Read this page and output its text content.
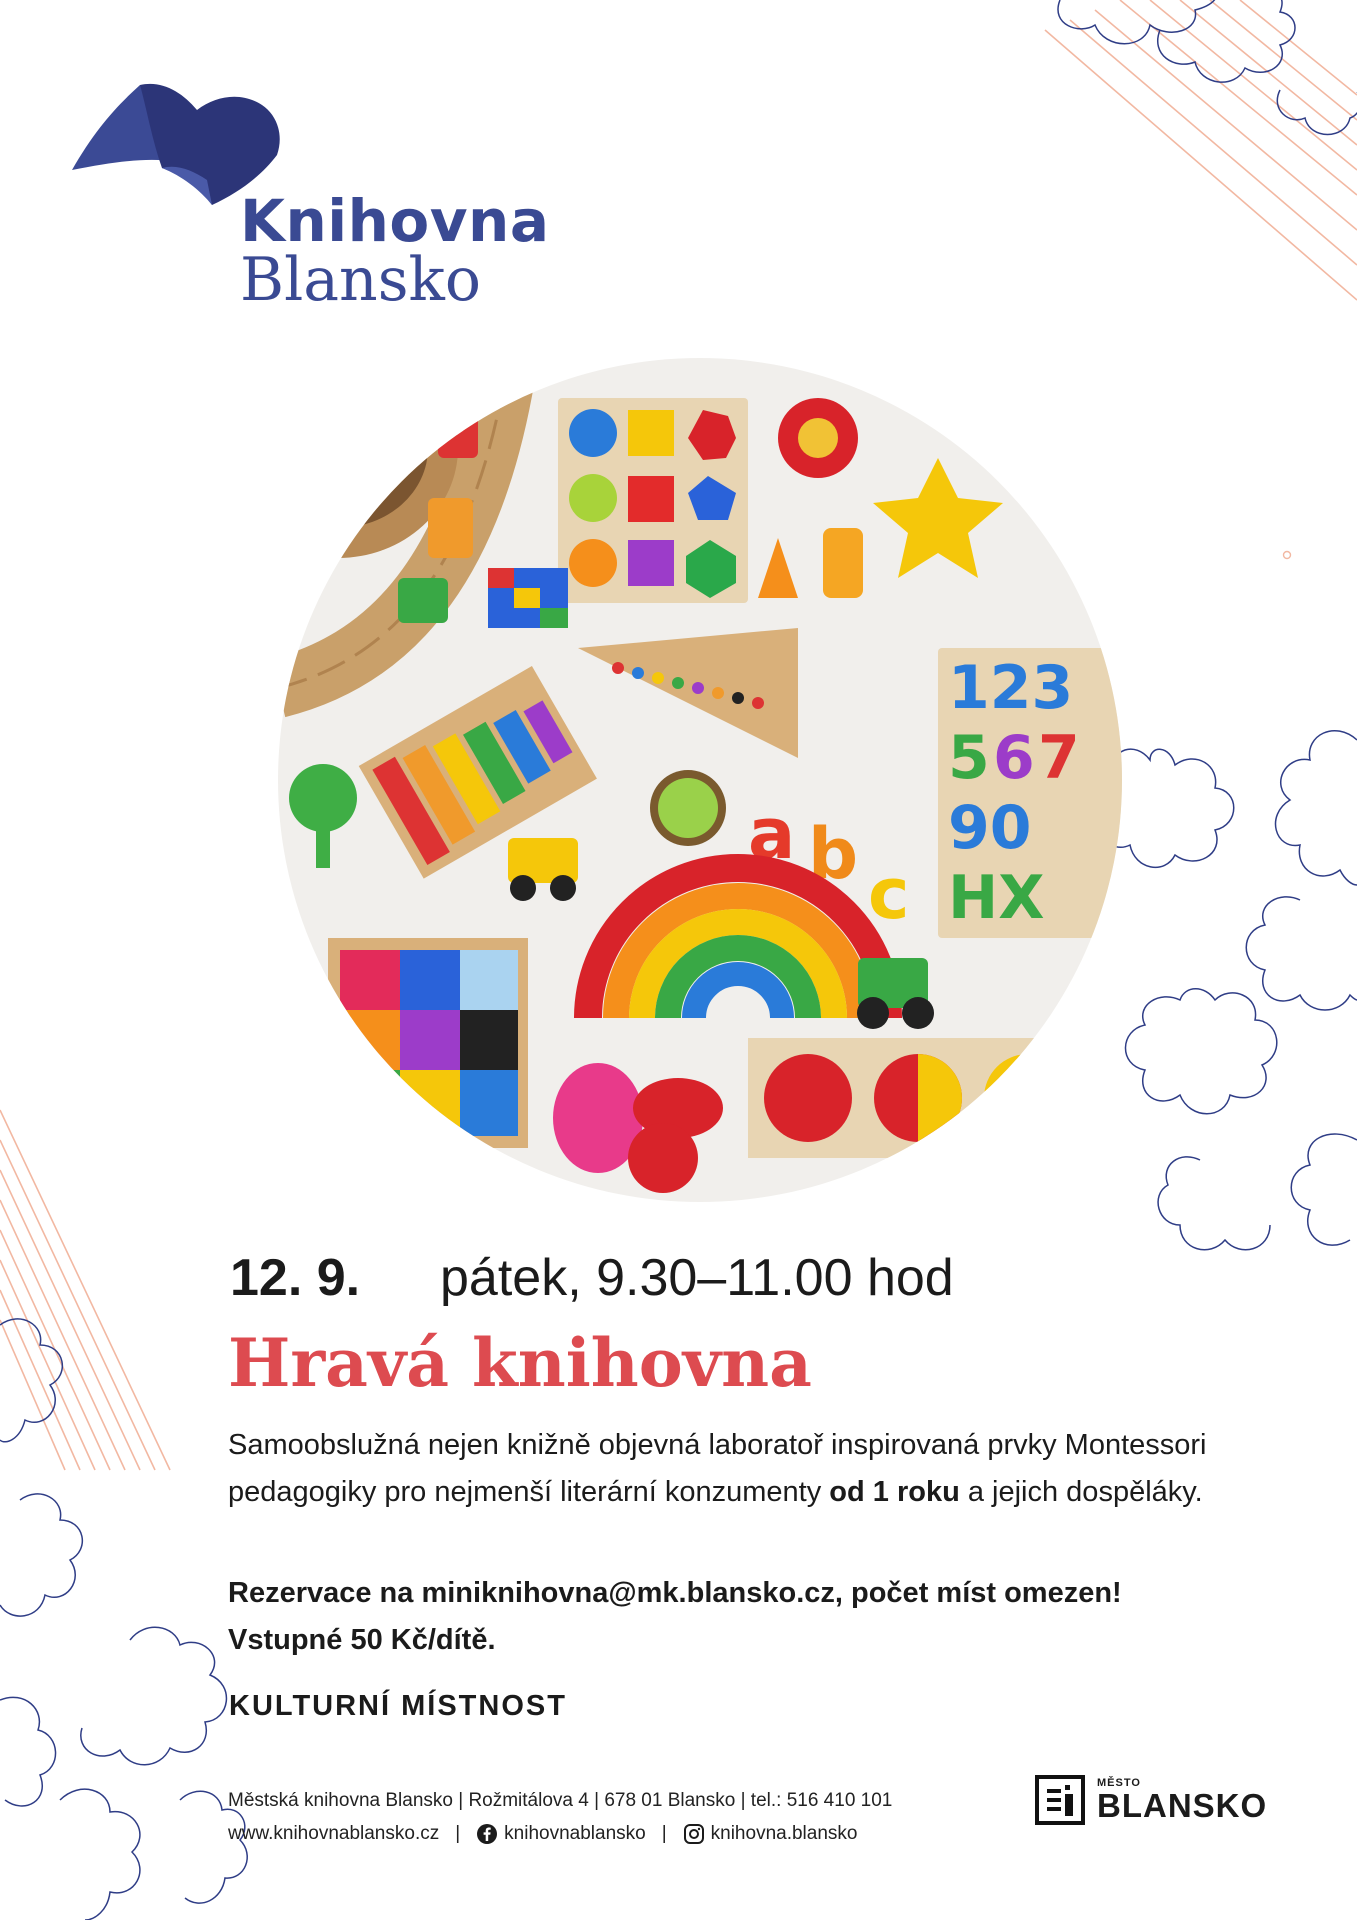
Knihovna
Blansko
123
5 6 7
90
HX
a b c
12. 9. pátek, 9.30–11.00 hod
Hravá knihovna
Samoobslužná nejen knižně objevná laboratoř inspirovaná prvky Montessori pedagogiky pro nejmenší literární konzumenty od 1 roku a jejich dospěláky.
Rezervace na miniknihovna@mk.blansko.cz, počet míst omezen!
Vstupné 50 Kč/dítě.
KULTURNÍ MÍSTNOST
Městská knihovna Blansko | Rožmitálova 4 | 678 01 Blansko | tel.: 516 410 101
www.knihovnablansko.cz | knihovnablansko | knihovna.blansko
MĚSTO
BLANSKO
